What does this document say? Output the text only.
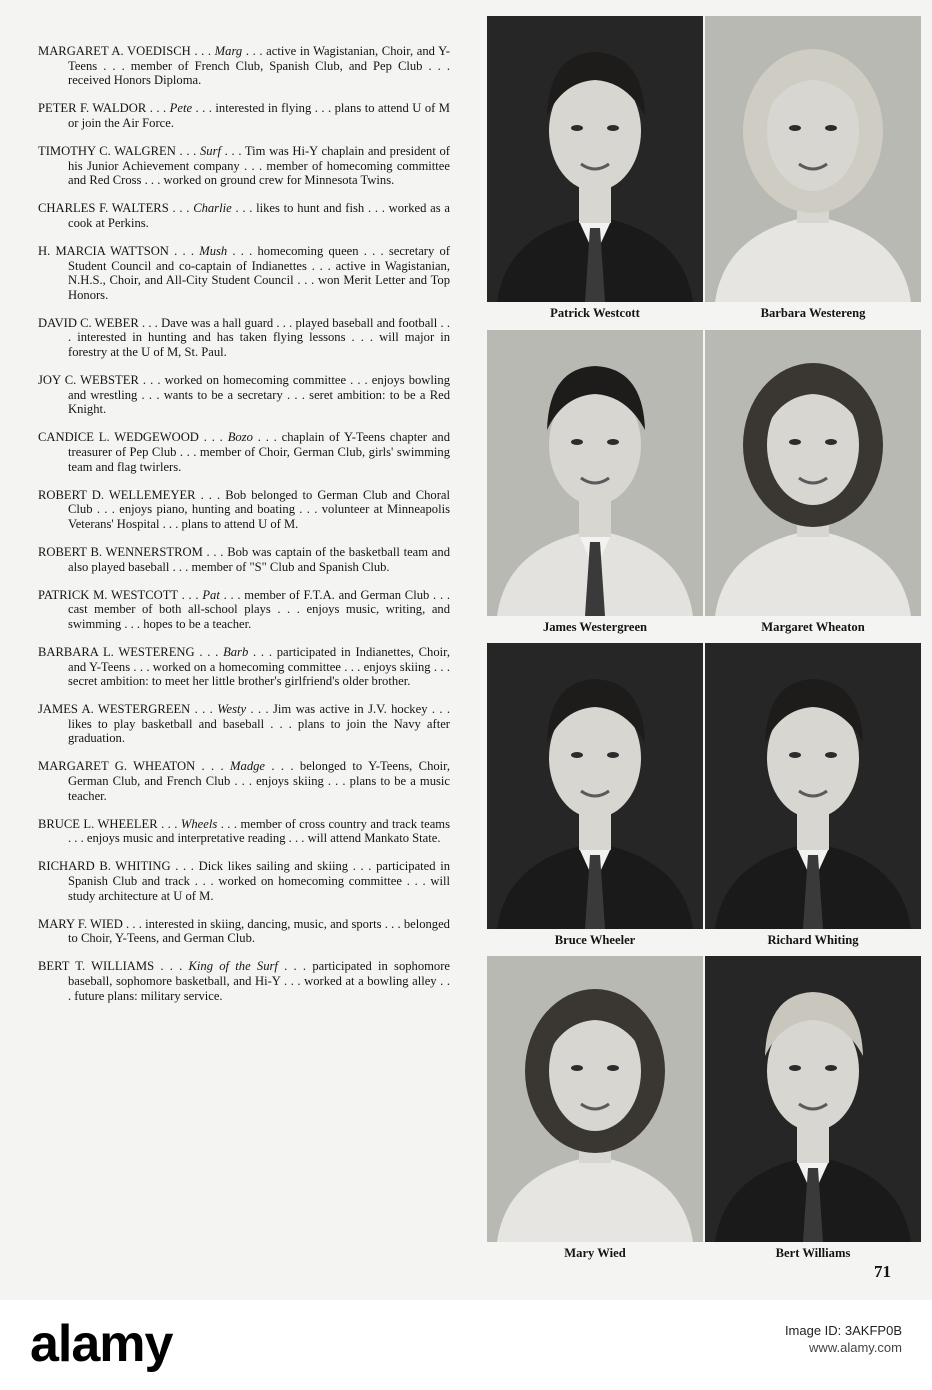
MARGARET A. VOEDISCH . . . Marg . . . active in Wagistanian, Choir, and Y-Teens . . . member of French Club, Spanish Club, and Pep Club . . . received Honors Diploma.
PETER F. WALDOR . . . Pete . . . interested in flying . . . plans to attend U of M or join the Air Force.
TIMOTHY C. WALGREN . . . Surf . . . Tim was Hi-Y chaplain and president of his Junior Achievement company . . . member of homecoming committee and Red Cross . . . worked on ground crew for Minnesota Twins.
CHARLES F. WALTERS . . . Charlie . . . likes to hunt and fish . . . worked as a cook at Perkins.
H. MARCIA WATTSON . . . Mush . . . homecoming queen . . . secretary of Student Council and co-captain of Indianettes . . . active in Wagistanian, N.H.S., Choir, and All-City Student Council . . . won Merit Letter and Top Honors.
DAVID C. WEBER . . . Dave was a hall guard . . . played baseball and football . . . interested in hunting and has taken flying lessons . . . will major in forestry at the U of M, St. Paul.
JOY C. WEBSTER . . . worked on homecoming committee . . . enjoys bowling and wrestling . . . wants to be a secretary . . . seret ambition: to be a Red Knight.
CANDICE L. WEDGEWOOD . . . Bozo . . . chaplain of Y-Teens chapter and treasurer of Pep Club . . . member of Choir, German Club, girls' swimming team and flag twirlers.
ROBERT D. WELLEMEYER . . . Bob belonged to German Club and Choral Club . . . enjoys piano, hunting and boating . . . volunteer at Minneapolis Veterans' Hospital . . . plans to attend U of M.
ROBERT B. WENNERSTROM . . . Bob was captain of the basketball team and also played baseball . . . member of "S" Club and Spanish Club.
PATRICK M. WESTCOTT . . . Pat . . . member of F.T.A. and German Club . . . cast member of both all-school plays . . . enjoys music, writing, and swimming . . . hopes to be a teacher.
BARBARA L. WESTERENG . . . Barb . . . participated in Indianettes, Choir, and Y-Teens . . . worked on a homecoming committee . . . enjoys skiing . . . secret ambition: to meet her little brother's girlfriend's older brother.
JAMES A. WESTERGREEN . . . Westy . . . Jim was active in J.V. hockey . . . likes to play basketball and baseball . . . plans to join the Navy after graduation.
MARGARET G. WHEATON . . . Madge . . . belonged to Y-Teens, Choir, German Club, and French Club . . . enjoys skiing . . . plans to be a music teacher.
BRUCE L. WHEELER . . . Wheels . . . member of cross country and track teams . . . enjoys music and interpretative reading . . . will attend Mankato State.
RICHARD B. WHITING . . . Dick likes sailing and skiing . . . participated in Spanish Club and track . . . worked on homecoming committee . . . will study architecture at U of M.
MARY F. WIED . . . interested in skiing, dancing, music, and sports . . . belonged to Choir, Y-Teens, and German Club.
BERT T. WILLIAMS . . . King of the Surf . . . participated in sophomore baseball, sophomore basketball, and Hi-Y . . . worked at a bowling alley . . . future plans: military service.
Patrick Westcott	Barbara Westereng
James Westergreen	Margaret Wheaton
Bruce Wheeler	Richard Whiting
Mary Wied	Bert Williams
71
alamy	Image ID: 3AKFP0B
www.alamy.com
